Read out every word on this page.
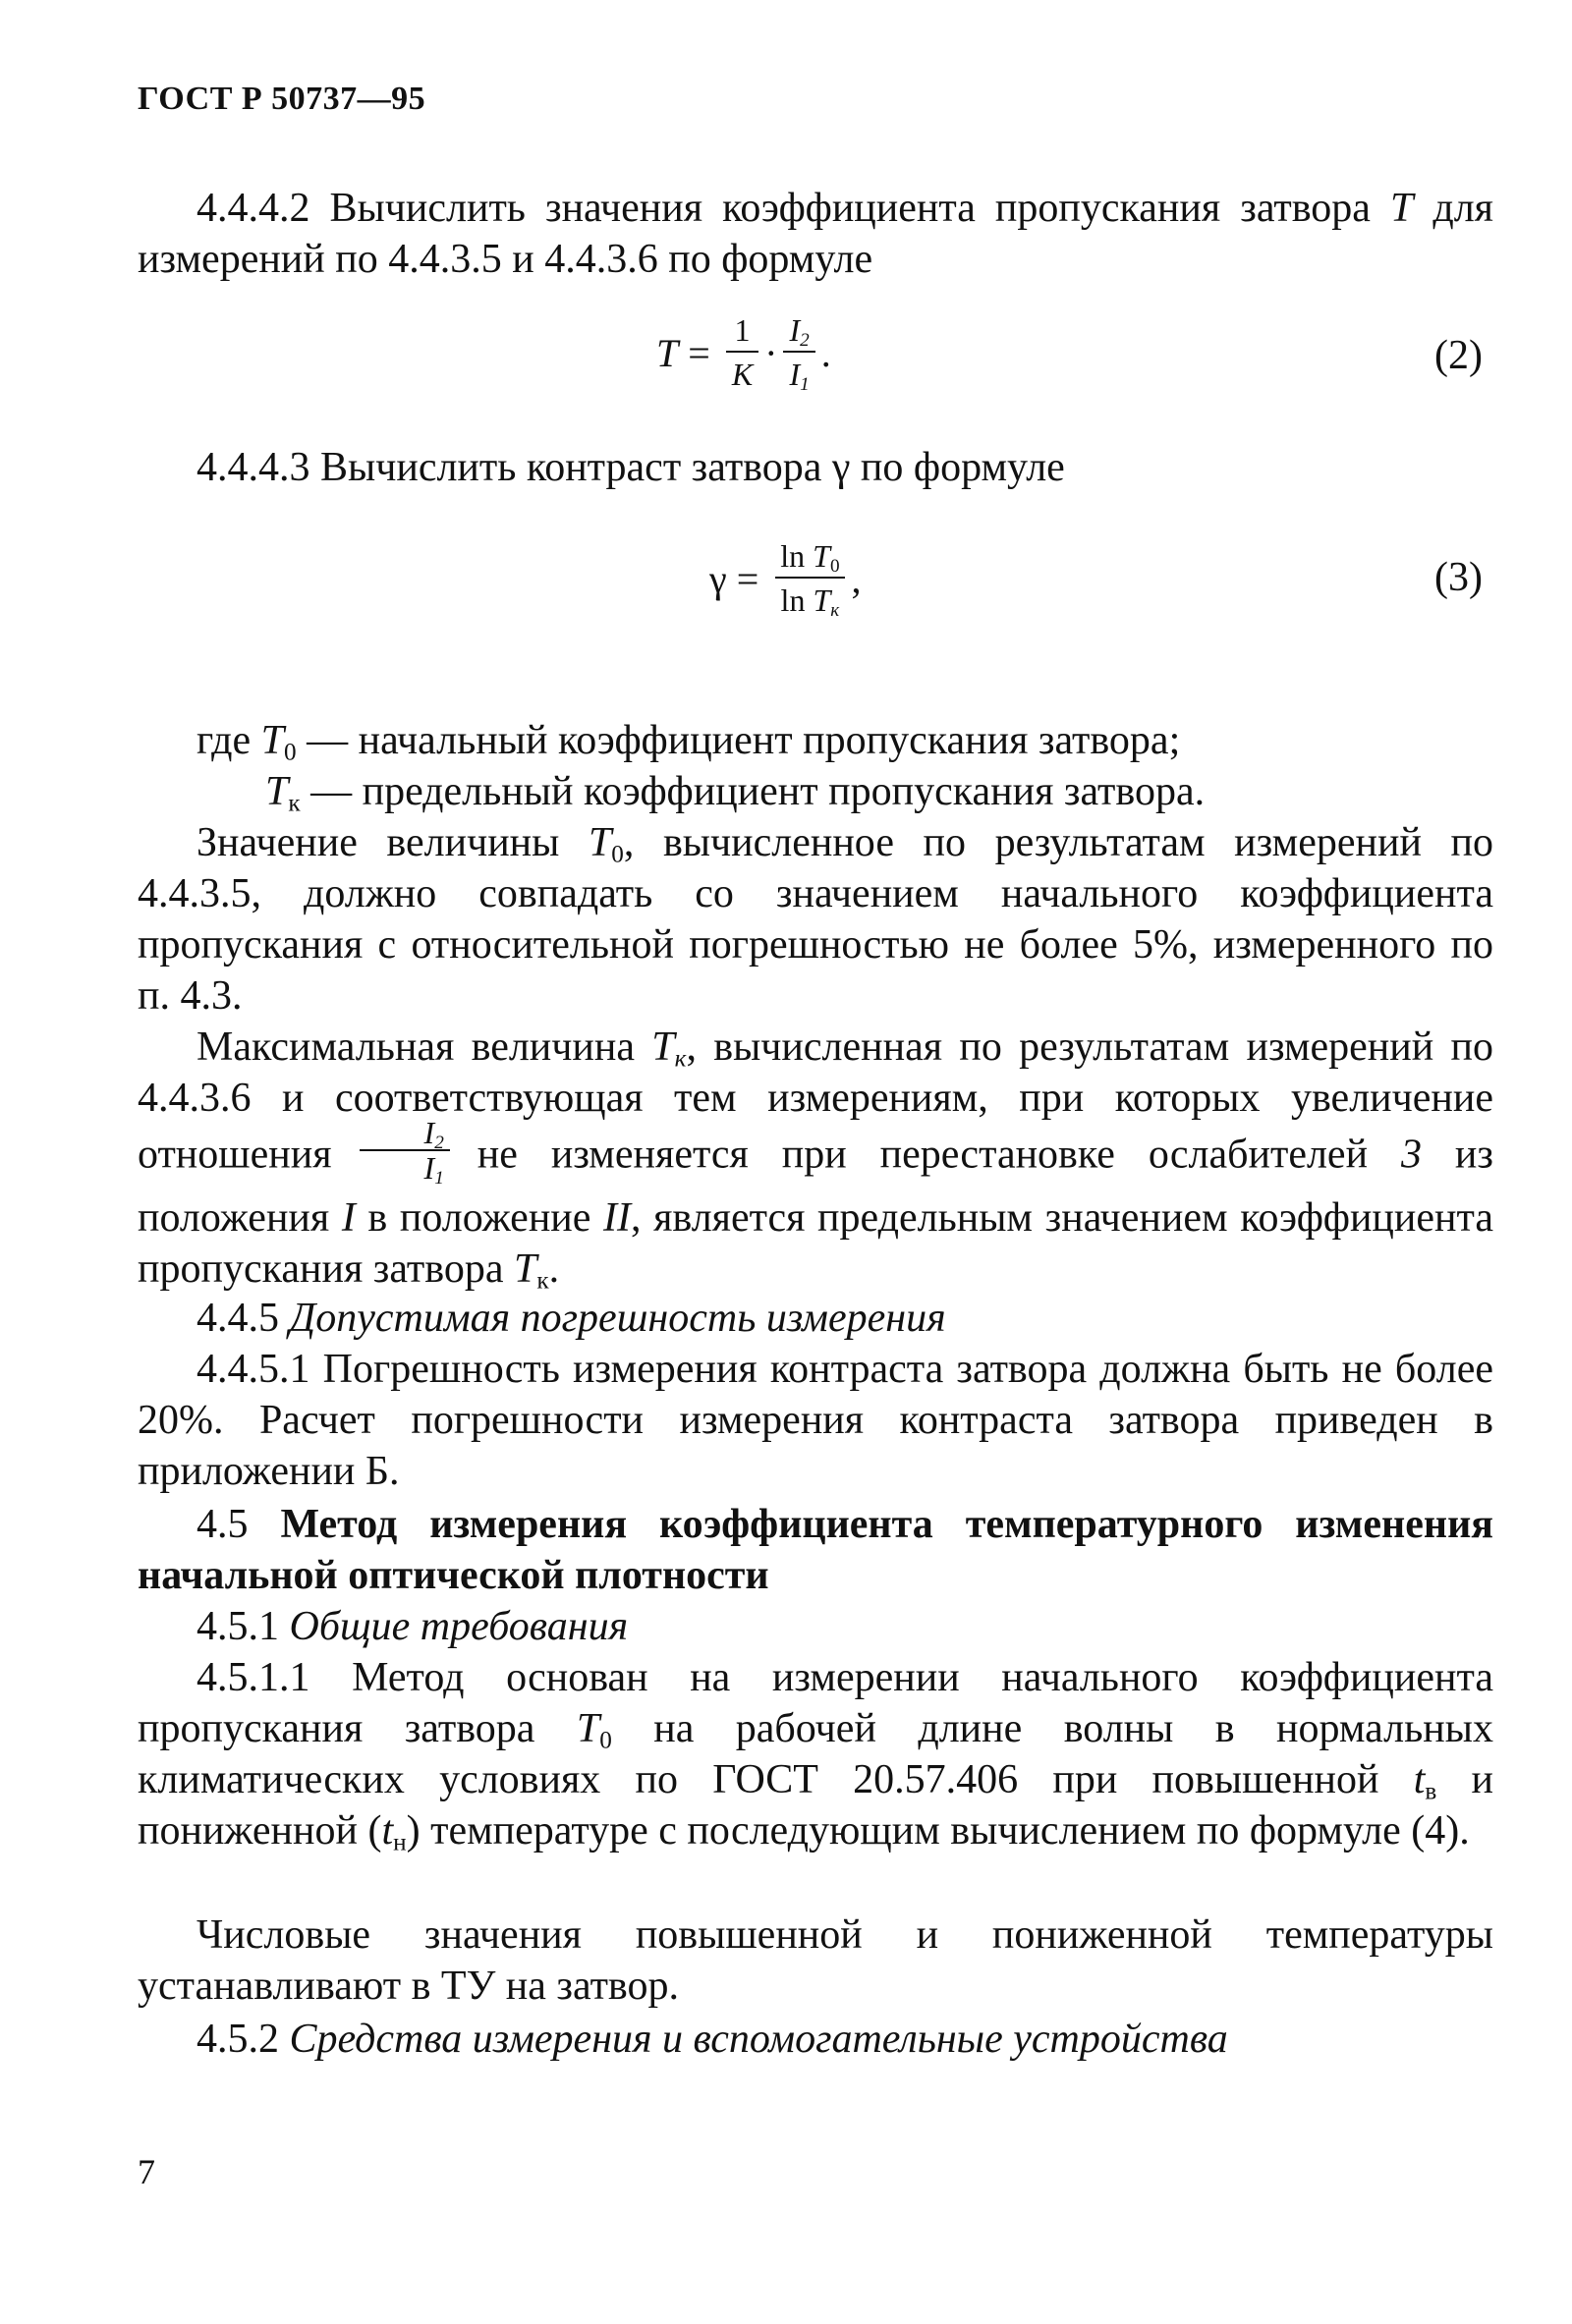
ГОСТ Р 50737—95
4.4.4.2 Вычислить значения коэффициента пропускания затвора T для измерений по 4.4.3.5 и 4.4.3.6 по формуле
$T = \frac{1}{K} \cdot \frac{I_2}{I_1}$ .	(2)
4.4.4.3 Вычислить контраст затвора γ по формуле
$\gamma = \frac{\ln T_0}{\ln T_к}$ ,	(3)
где $T_0$ — начальный коэффициент пропускания затвора;
$T_к$ — предельный коэффициент пропускания затвора.
Значение величины $T_0$, вычисленное по результатам измерений по 4.4.3.5, должно совпадать со значением начального коэффициента пропускания с относительной погрешностью не более 5%, измеренного по п. 4.3.
Максимальная величина $T_к$, вычисленная по результатам измерений по 4.4.3.6 и соответствующая тем измерениям, при которых увеличение отношения $\frac{I_2}{I_1}$ не изменяется при перестановке ослабителей 3 из положения I в положение II, является предельным значением коэффициента пропускания затвора $T_к$.
4.4.5 Допустимая погрешность измерения
4.4.5.1 Погрешность измерения контраста затвора должна быть не более 20%. Расчет погрешности измерения контраста затвора приведен в приложении Б.
4.5 Метод измерения коэффициента температурного изменения начальной оптической плотности
4.5.1 Общие требования
4.5.1.1 Метод основан на измерении начального коэффициента пропускания затвора $T_0$ на рабочей длине волны в нормальных климатических условиях по ГОСТ 20.57.406 при повышенной $t_в$ и пониженной $(t_н)$ температуре с последующим вычислением по формуле (4).
Числовые значения повышенной и пониженной температуры устанавливают в ТУ на затвор.
4.5.2 Средства измерения и вспомогательные устройства
7
